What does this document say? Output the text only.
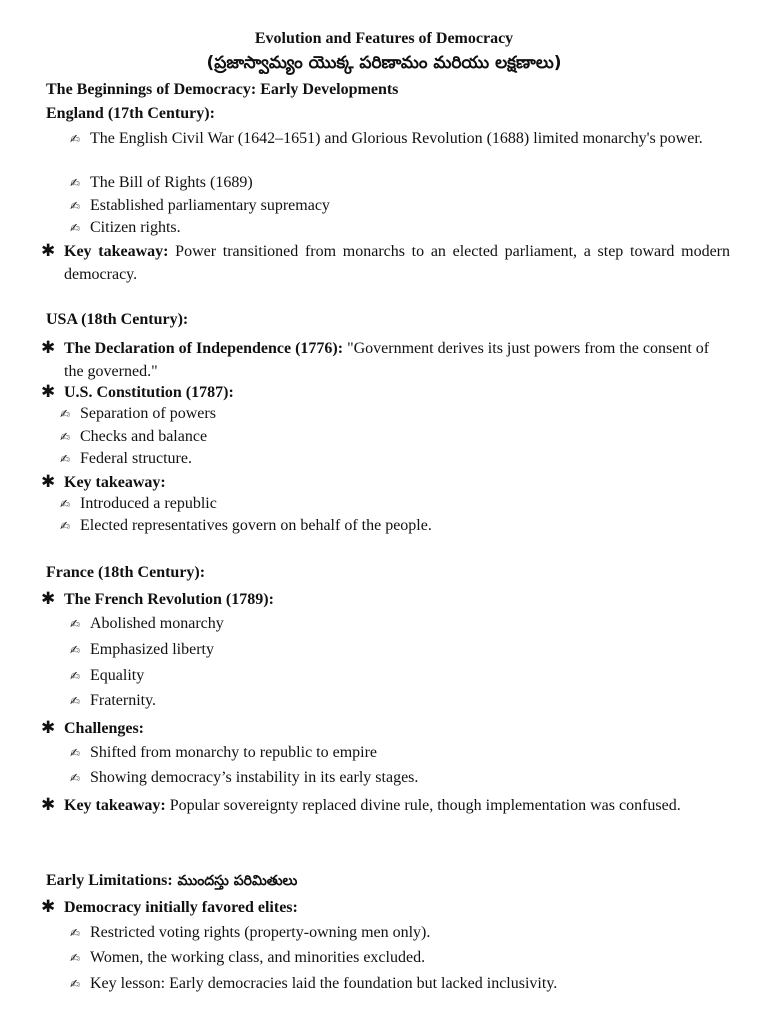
Evolution and Features of Democracy
(ప్రజాస్వామ్యం యొక్క పరిణామం మరియు లక్షణాలు)
The Beginnings of Democracy: Early Developments
England (17th Century):
✍ The English Civil War (1642–1651) and Glorious Revolution (1688) limited monarchy's power.
✍ The Bill of Rights (1689)
✍ Established parliamentary supremacy
✍ Citizen rights.
✱ Key takeaway: Power transitioned from monarchs to an elected parliament, a step toward modern democracy.
USA (18th Century):
✱ The Declaration of Independence (1776): "Government derives its just powers from the consent of the governed."
✱ U.S. Constitution (1787):
✍ Separation of powers
✍ Checks and balance
✍ Federal structure.
✱ Key takeaway:
✍ Introduced a republic
✍ Elected representatives govern on behalf of the people.
France (18th Century):
✱ The French Revolution (1789):
✍ Abolished monarchy
✍ Emphasized liberty
✍ Equality
✍ Fraternity.
✱ Challenges:
✍ Shifted from monarchy to republic to empire
✍ Showing democracy’s instability in its early stages.
✱ Key takeaway: Popular sovereignty replaced divine rule, though implementation was confused.
Early Limitations: ముందస్తు పరిమితులు
✱ Democracy initially favored elites:
✍ Restricted voting rights (property-owning men only).
✍ Women, the working class, and minorities excluded.
✍ Key lesson: Early democracies laid the foundation but lacked inclusivity.
